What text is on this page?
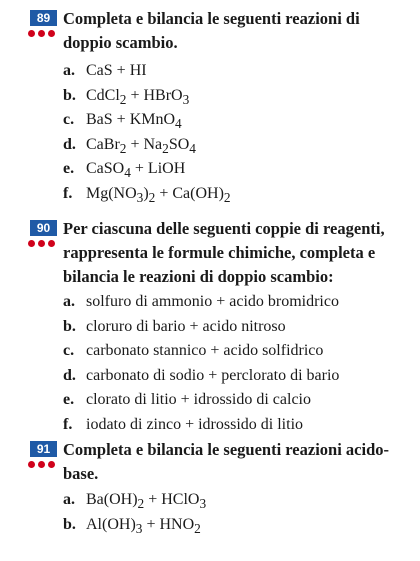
89 Completa e bilancia le seguenti reazioni di doppio scambio.

a. CaS + HI
b. CdCl$_2$ + HBrO$_3$
c. BaS + KMnO$_4$
d. CaBr$_2$ + $Na_2SO_4$
e. CaSO$_4$ + LiOH
f. $Mg(NO_3)_2 + Ca(OH)_2$
90 Per ciascuna delle seguenti coppie di reagenti, rappresenta le formule chimiche, completa e bilancia le reazioni di doppio scambio:

a. solfuro di ammonio + acido bromidrico
b. cloruro di bario + acido nitroso
c. carbonato stannico + acido solfidrico
d. carbonato di sodio + perclorato di bario
e. clorato di litio + idrossido di calcio
f. iodato di zinco + idrossido di litio
91 Completa e bilancia le seguenti reazioni acido-base.

a. $Ba(OH)_2$ + HClO$_3$
b. $Al(OH)_3 + HNO_2$
